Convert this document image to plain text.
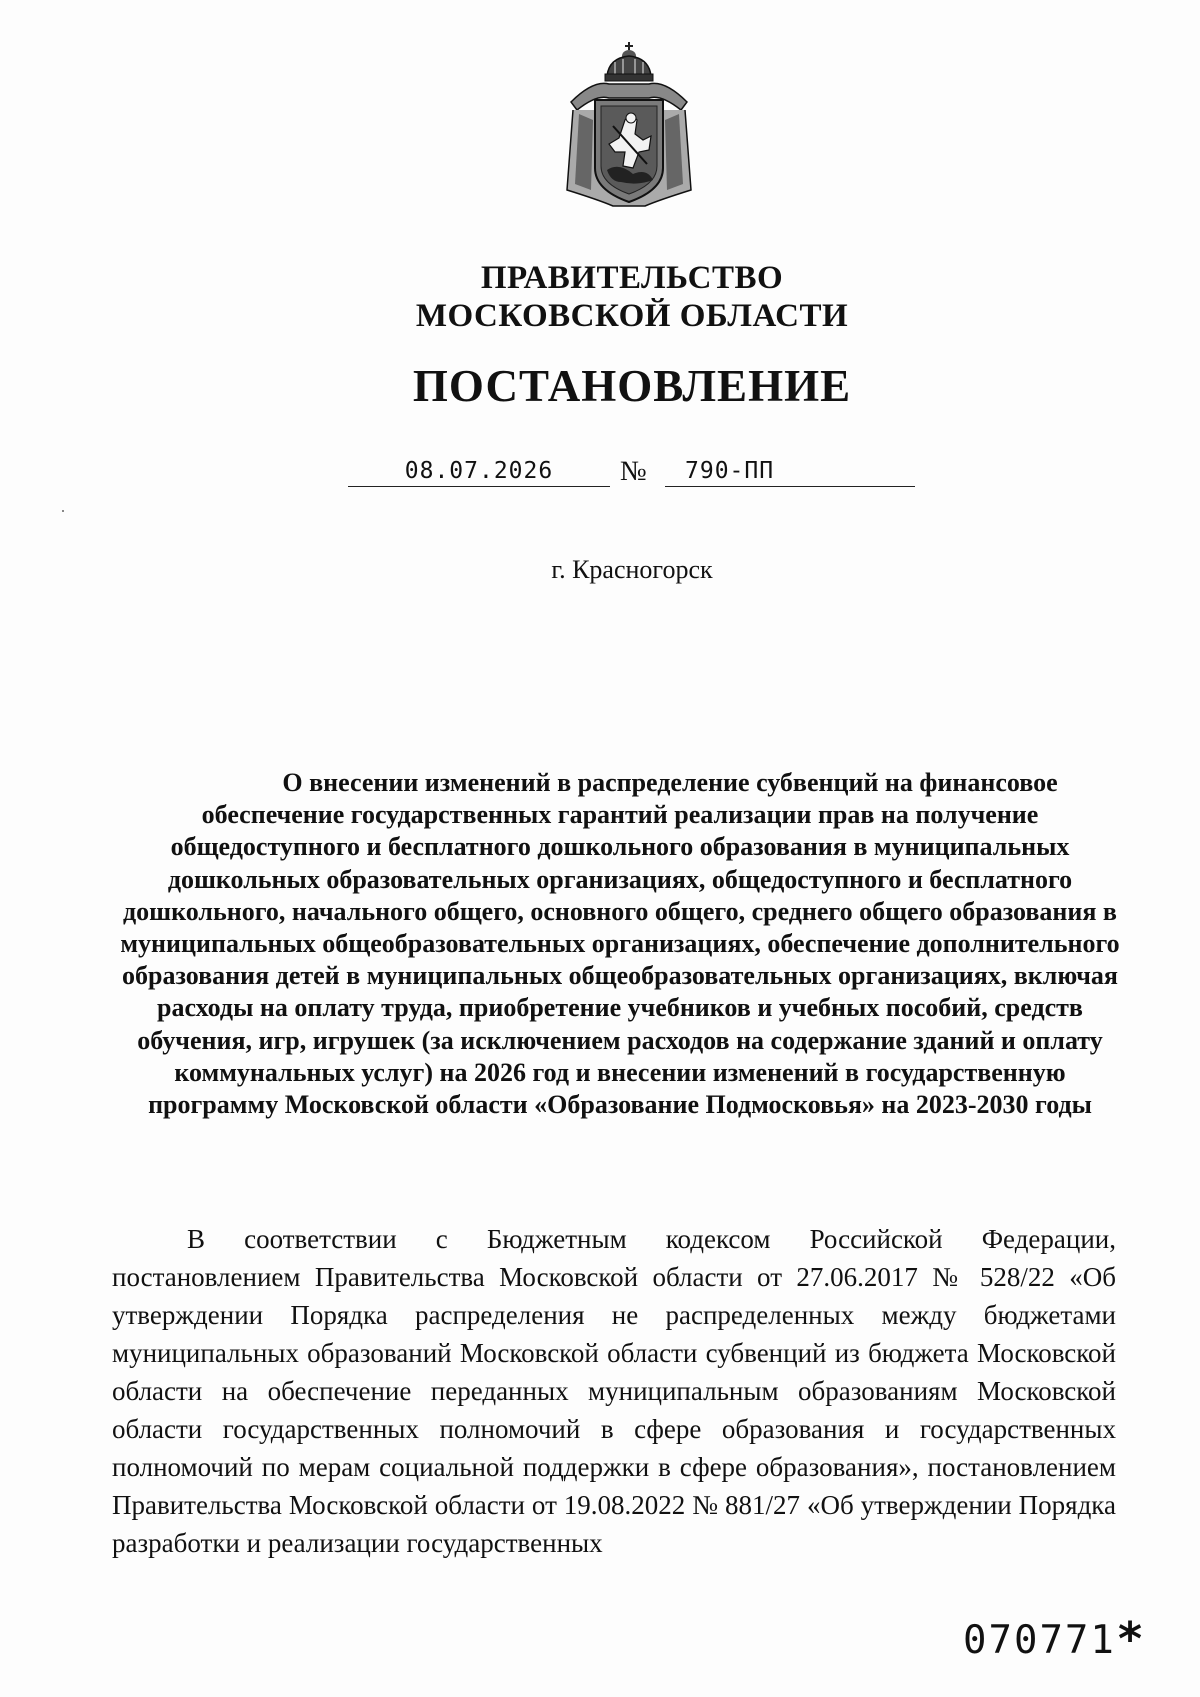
ПРАВИТЕЛЬСТВО
МОСКОВСКОЙ ОБЛАСТИ
ПОСТАНОВЛЕНИЕ
08.07.2026	№	790-ПП
г. Красногорск

О внесении изменений в распределение субвенций на финансовое обеспечение государственных гарантий реализации прав на получение общедоступного и бесплатного дошкольного образования в муниципальных дошкольных образовательных организациях, общедоступного и бесплатного дошкольного, начального общего, основного общего, среднего общего образования в муниципальных общеобразовательных организациях, обеспечение дополнительного образования детей в муниципальных общеобразовательных организациях, включая расходы на оплату труда, приобретение учебников и учебных пособий, средств обучения, игр, игрушек (за исключением расходов на содержание зданий и оплату коммунальных услуг) на 2026 год и внесении изменений в государственную программу Московской области «Образование Подмосковья» на 2023-2030 годы

В соответствии с Бюджетным кодексом Российской Федерации, постановлением Правительства Московской области от 27.06.2017 № 528/22 «Об утверждении Порядка распределения не распределенных между бюджетами муниципальных образований Московской области субвенций из бюджета Московской области на обеспечение переданных муниципальным образованиям Московской области государственных полномочий в сфере образования и государственных полномочий по мерам социальной поддержки в сфере образования», постановлением Правительства Московской области от 19.08.2022 № 881/27 «Об утверждении Порядка разработки и реализации государственных

070771 *
